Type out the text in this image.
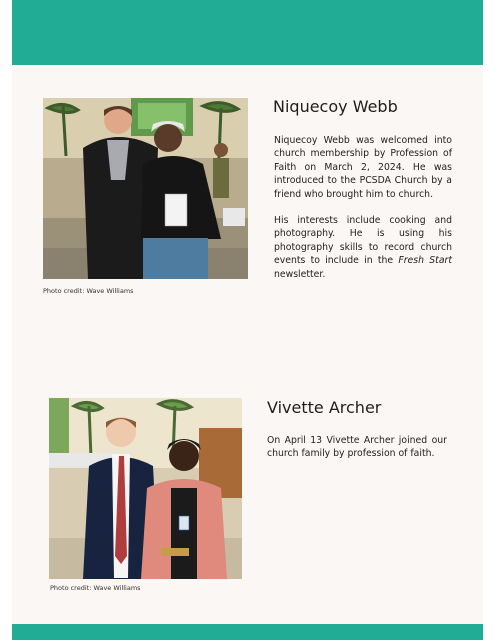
Photo credit: Wave Williams
Niquecoy Webb

Niquecoy Webb was welcomed into church membership by Profession of Faith on March 2, 2024. He was introduced to the PCSDA Church by a friend who brought him to church.

His interests include cooking and photography. He is using his photography skills to record church events to include in the Fresh Start newsletter.

Photo credit: Wave Williams
Vivette Archer

On April 13 Vivette Archer joined our church family by profession of faith.
